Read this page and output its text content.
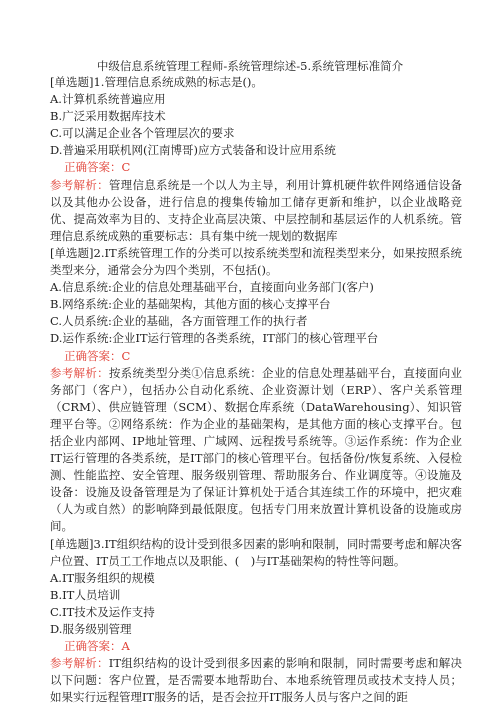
中级信息系统管理工程师-系统管理综述-5.系统管理标准简介
[单选题]1.管理信息系统成熟的标志是()。
A.计算机系统普遍应用
B.广泛采用数据库技术
C.可以满足企业各个管理层次的要求
D.普遍采用联机网(江南博哥)应方式装备和设计应用系统
正确答案：C
参考解析：管理信息系统是一个以人为主导，利用计算机硬件软件网络通信设备以及其他办公设备，进行信息的搜集传输加工储存更新和维护，以企业战略竞优、提高效率为目的、支持企业高层决策、中层控制和基层运作的人机系统。管理信息系统成熟的重要标志：具有集中统一规划的数据库
[单选题]2.IT系统管理工作的分类可以按系统类型和流程类型来分，如果按照系统类型来分，通常会分为四个类别，不包括()。
A.信息系统:企业的信息处理基础平台，直接面向业务部门(客户)
B.网络系统:企业的基础架构，其他方面的核心支撑平台
C.人员系统:企业的基础，各方面管理工作的执行者
D.运作系统:企业IT运行管理的各类系统，IT部门的核心管理平台
正确答案：C
参考解析：按系统类型分类①信息系统：企业的信息处理基础平台，直接面向业务部门（客户），包括办公自动化系统、企业资源计划（ERP）、客户关系管理（CRM）、供应链管理（SCM）、数据仓库系统（DataWarehousing）、知识管理平台等。②网络系统：作为企业的基础架构，是其他方面的核心支撑平台。包括企业内部网、IP地址管理、广域网、远程拨号系统等。③运作系统：作为企业IT运行管理的各类系统，是IT部门的核心管理平台。包括备份/恢复系统、入侵检测、性能监控、安全管理、服务级别管理、帮助服务台、作业调度等。④设施及设备：设施及设备管理是为了保证计算机处于适合其连续工作的环境中，把灾难（人为或自然）的影响降到最低限度。包括专门用来放置计算机设备的设施或房间。
[单选题]3.IT组织结构的设计受到很多因素的影响和限制，同时需要考虑和解决客户位置、IT员工工作地点以及职能、(　)与IT基础架构的特性等问题。
A.IT服务组织的规模
B.IT人员培训
C.IT技术及运作支持
D.服务级别管理
正确答案：A
参考解析：IT组织结构的设计受到很多因素的影响和限制，同时需要考虑和解决以下问题：客户位置，是否需要本地帮助台、本地系统管理员或技术支持人员；如果实行远程管理IT服务的话，是否会拉开IT服务人员与客户之间的距
